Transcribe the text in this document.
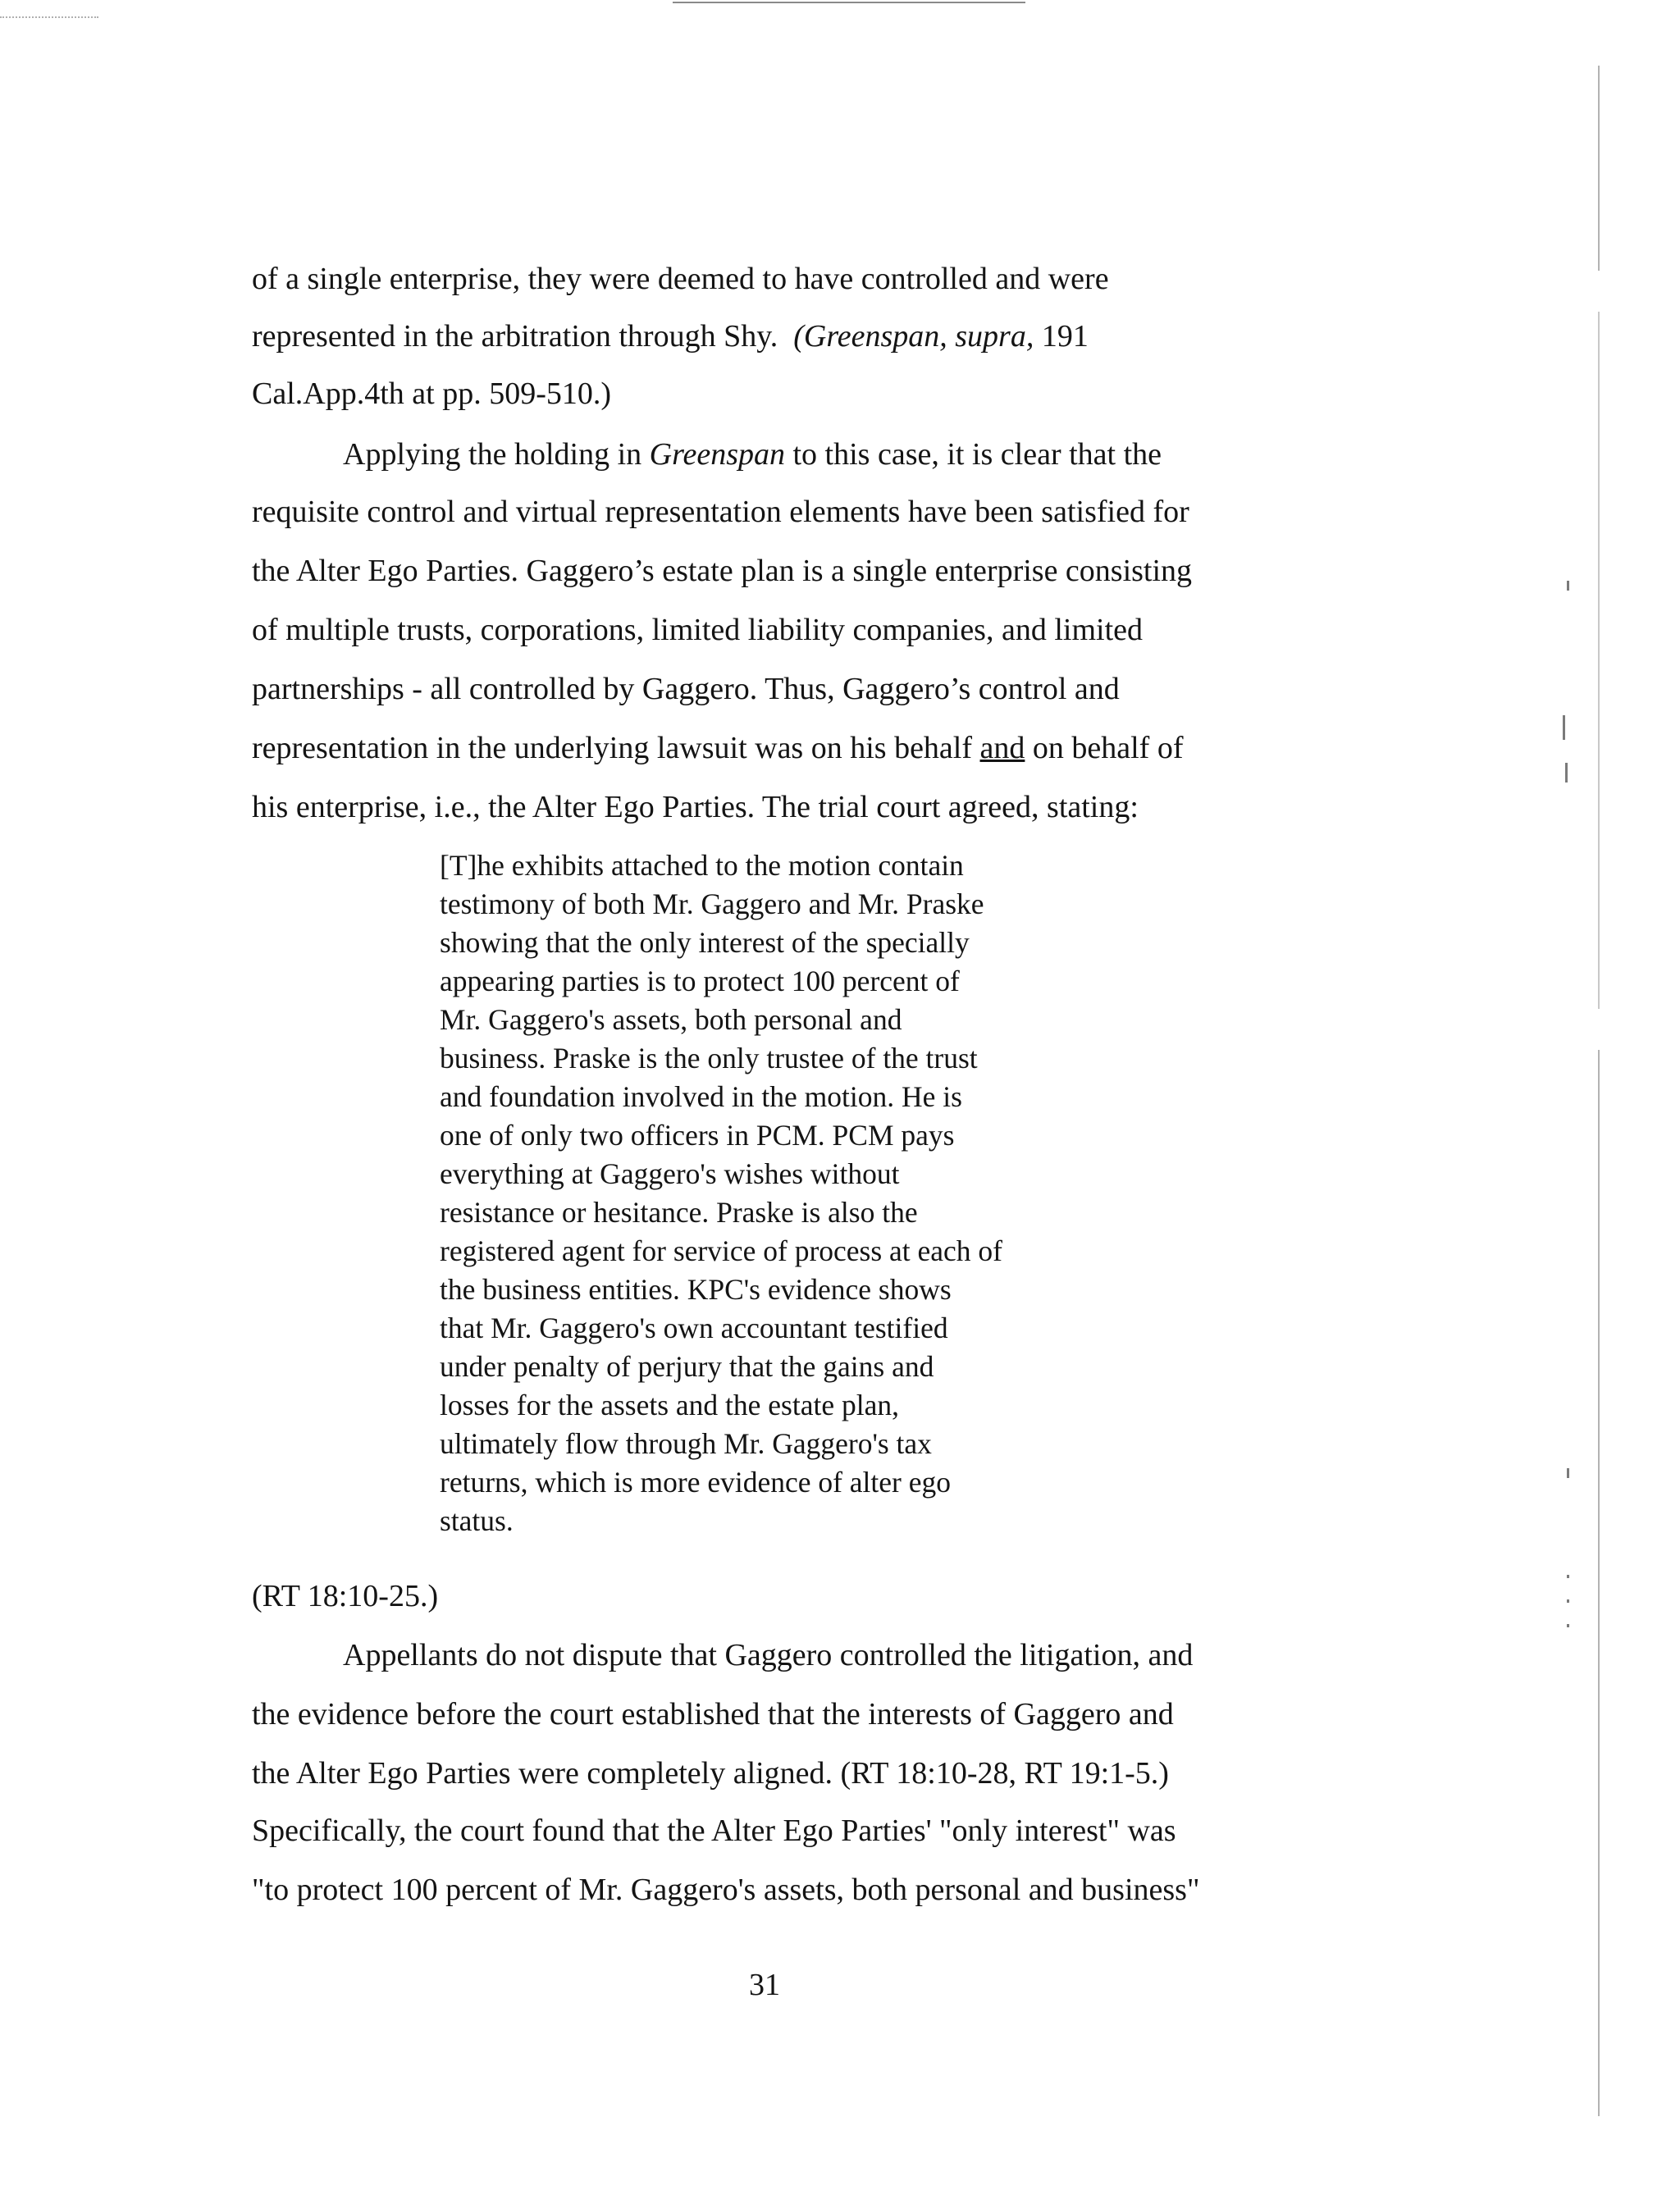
of a single enterprise, they were deemed to have controlled and were
represented in the arbitration through Shy. (Greenspan, supra, 191
Cal.App.4th at pp. 509-510.)
Applying the holding in Greenspan to this case, it is clear that the
requisite control and virtual representation elements have been satisfied for
the Alter Ego Parties. Gaggero’s estate plan is a single enterprise consisting
of multiple trusts, corporations, limited liability companies, and limited
partnerships - all controlled by Gaggero. Thus, Gaggero’s control and
representation in the underlying lawsuit was on his behalf and on behalf of
his enterprise, i.e., the Alter Ego Parties. The trial court agreed, stating:
[T]he exhibits attached to the motion contain
testimony of both Mr. Gaggero and Mr. Praske
showing that the only interest of the specially
appearing parties is to protect 100 percent of
Mr. Gaggero's assets, both personal and
business. Praske is the only trustee of the trust
and foundation involved in the motion. He is
one of only two officers in PCM. PCM pays
everything at Gaggero's wishes without
resistance or hesitance. Praske is also the
registered agent for service of process at each of
the business entities. KPC's evidence shows
that Mr. Gaggero's own accountant testified
under penalty of perjury that the gains and
losses for the assets and the estate plan,
ultimately flow through Mr. Gaggero's tax
returns, which is more evidence of alter ego
status.
(RT 18:10-25.)
Appellants do not dispute that Gaggero controlled the litigation, and
the evidence before the court established that the interests of Gaggero and
the Alter Ego Parties were completely aligned. (RT 18:10-28, RT 19:1-5.)
Specifically, the court found that the Alter Ego Parties' "only interest" was
"to protect 100 percent of Mr. Gaggero's assets, both personal and business"
31
